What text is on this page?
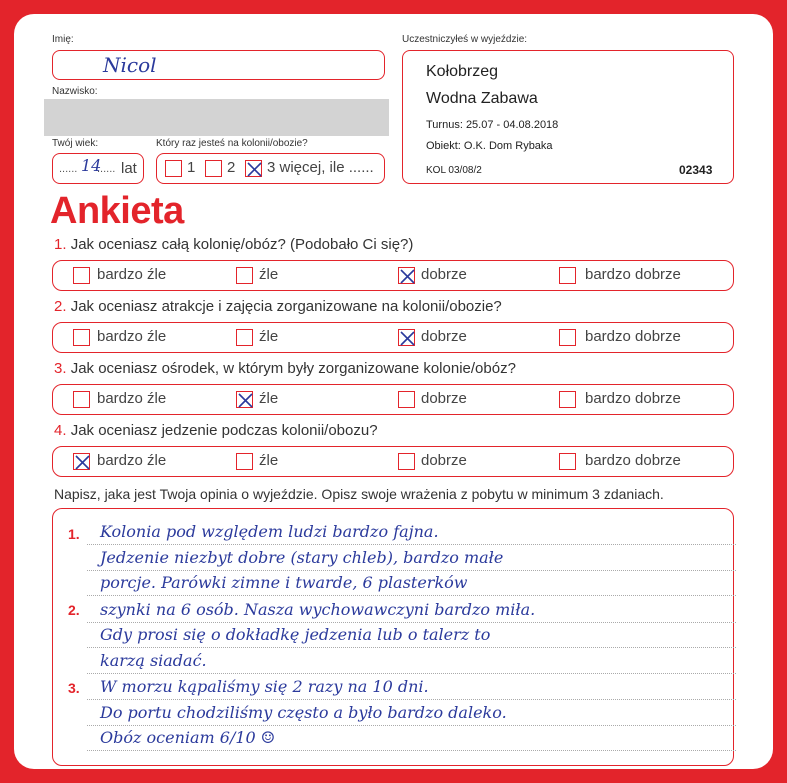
Imię:
Nicol
Nazwisko:
Twój wiek:
...... 14
...... lat
Który raz jesteś na kolonii/obozie?
1 2 3 więcej, ile ......
Uczestniczyłeś w wyjeździe:
Kołobrzeg
Wodna Zabawa
Turnus: 25.07 - 04.08.2018
Obiekt: O.K. Dom Rybaka
KOL 03/08/2	02343
Ankieta
1. Jak oceniasz całą kolonię/obóz? (Podobało Ci się?)
bardzo źle	źle	dobrze	bardzo dobrze
2. Jak oceniasz atrakcje i zajęcia zorganizowane na kolonii/obozie?
bardzo źle	źle	dobrze	bardzo dobrze
3. Jak oceniasz ośrodek, w którym były zorganizowane kolonie/obóz?
bardzo źle	źle	dobrze	bardzo dobrze
4. Jak oceniasz jedzenie podczas kolonii/obozu?
bardzo źle	źle	dobrze	bardzo dobrze
Napisz, jaka jest Twoja opinia o wyjeździe. Opisz swoje wrażenia z pobytu w minimum 3 zdaniach.
1.
2.
3.
Kolonia pod względem ludzi bardzo fajna.
Jedzenie niezbyt dobre (stary chleb), bardzo małe
porcje. Parówki zimne i twarde, 6 plasterków
szynki na 6 osób. Nasza wychowawczyni bardzo miła.
Gdy prosi się o dokładkę jedzenia lub o talerz to
karzą siadać.
W morzu kąpaliśmy się 2 razy na 10 dni.
Do portu chodziliśmy często a było bardzo daleko.
Obóz oceniam 6/10 ☺
